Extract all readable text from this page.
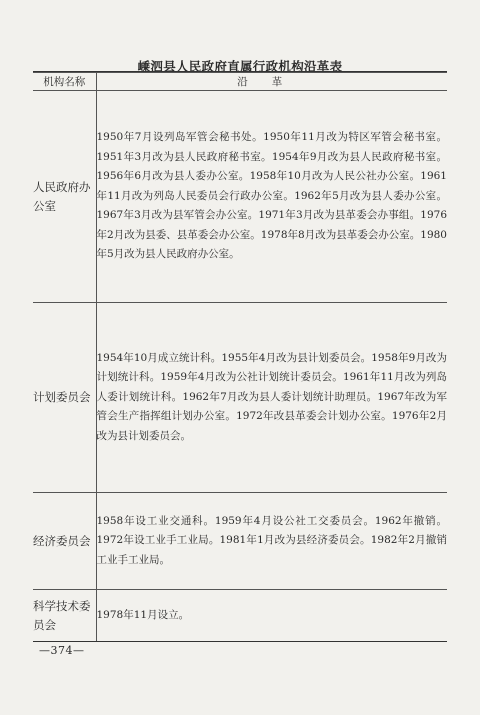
嵊泗县人民政府直属行政机构沿革表
机构名称	沿革
人民政府办公室	1950年7月设列岛军管会秘书处。1950年11月改为特区军管会秘书室。1951年3月改为县人民政府秘书室。1954年9月改为县人民政府秘书室。1956年6月改为县人委办公室。1958年10月改为人民公社办公室。1961年11月改为列岛人民委员会行政办公室。1962年5月改为县人委办公室。1967年3月改为县军管会办公室。1971年3月改为县革委会办事组。1976年2月改为县委、县革委会办公室。1978年8月改为县革委会办公室。1980年5月改为县人民政府办公室。
计划委员会	1954年10月成立统计科。1955年4月改为县计划委员会。1958年9月改为计划统计科。1959年4月改为公社计划统计委员会。1961年11月改为列岛人委计划统计科。1962年7月改为县人委计划统计助理员。1967年改为军管会生产指挥组计划办公室。1972年改县革委会计划办公室。1976年2月改为县计划委员会。
经济委员会	1958年设工业交通科。1959年4月设公社工交委员会。1962年撤销。1972年设工业手工业局。1981年1月改为县经济委员会。1982年2月撤销工业手工业局。
科学技术委员会	1978年11月设立。
—374—
